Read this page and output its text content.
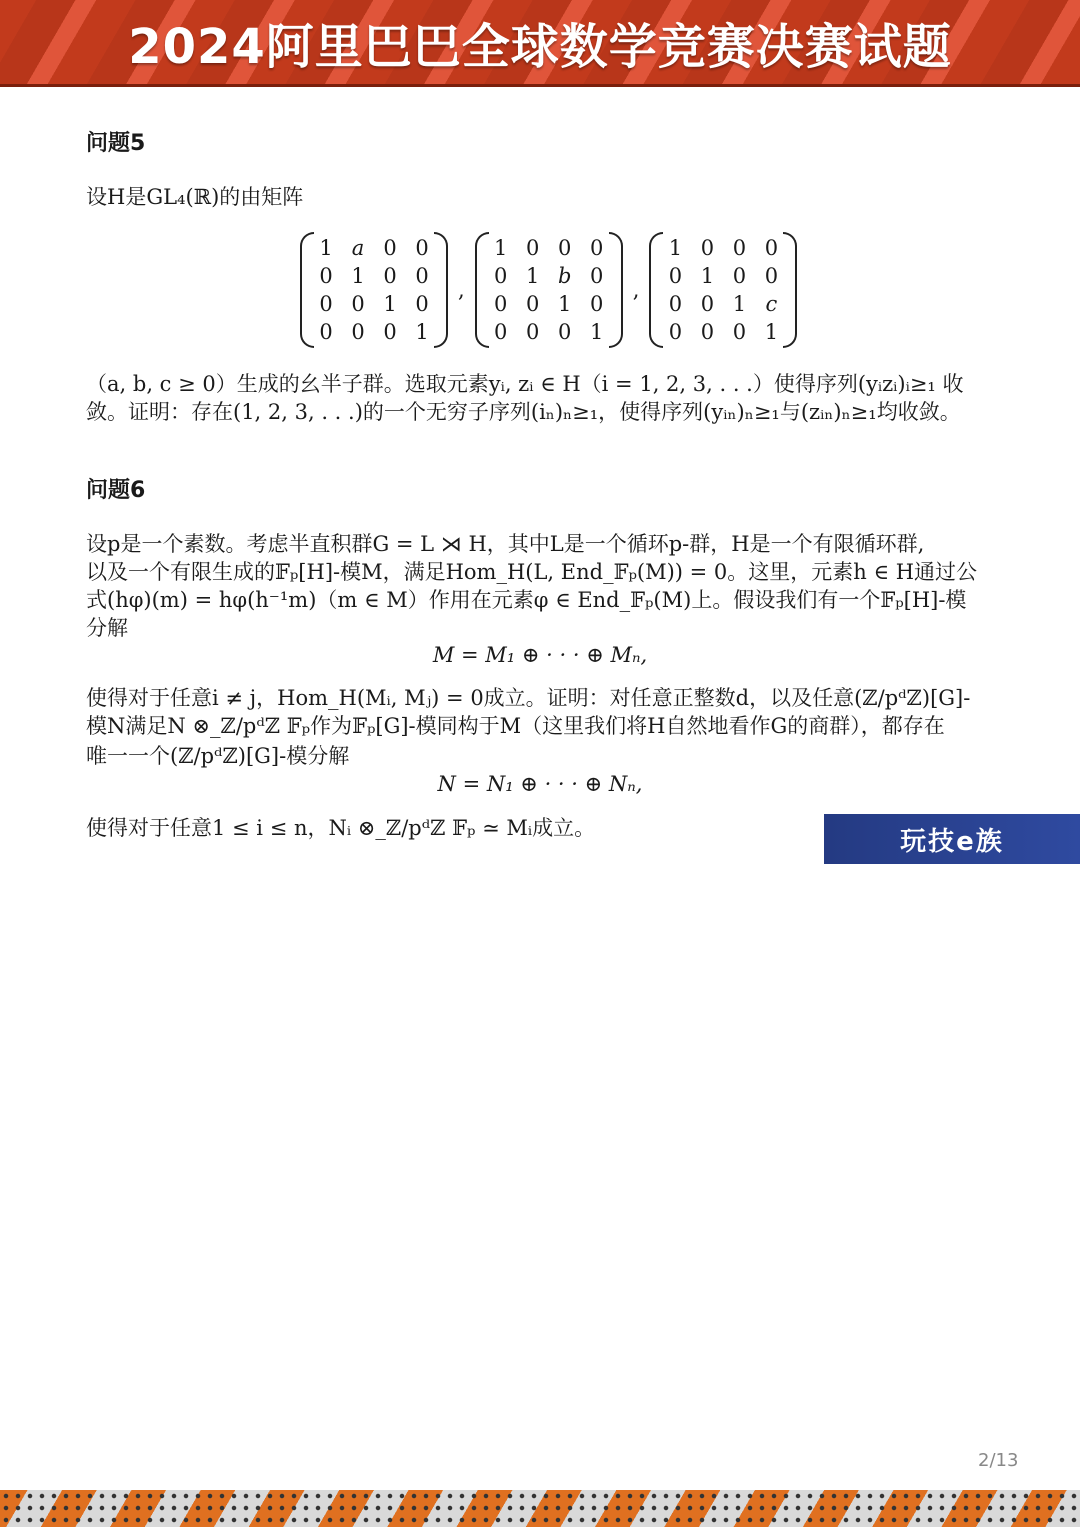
2024阿里巴巴全球数学竞赛决赛试题
问题5
设H是GL₄(ℝ)的由矩阵
1 a 0 0
0 1 0 0
0 0 1 0
0 0 0 1
,
1 0 0 0
0 1 b 0
0 0 1 0
0 0 0 1
,
1 0 0 0
0 1 0 0
0 0 1 c
0 0 0 1
（a, b, c ≥ 0）生成的幺半子群。选取元素yᵢ, zᵢ ∈ H（i = 1, 2, 3, . . .）使得序列(yᵢzᵢ)ᵢ≥₁ 收
敛。证明：存在(1, 2, 3, . . .)的一个无穷子序列(iₙ)ₙ≥₁，使得序列(yᵢₙ)ₙ≥₁与(zᵢₙ)ₙ≥₁均收敛。
问题6
设p是一个素数。考虑半直积群G = L ⋊ H，其中L是一个循环p-群，H是一个有限循环群,
以及一个有限生成的𝔽ₚ[H]-模M，满足Hom_H(L, End_𝔽ₚ(M)) = 0。这里，元素h ∈ H通过公
式(hφ)(m) = hφ(h⁻¹m)（m ∈ M）作用在元素φ ∈ End_𝔽ₚ(M)上。假设我们有一个𝔽ₚ[H]-模
分解
M = M₁ ⊕ · · · ⊕ Mₙ,
使得对于任意i ≠ j，Hom_H(Mᵢ, Mⱼ) = 0成立。证明：对任意正整数d，以及任意(ℤ/pᵈℤ)[G]-
模N满足N ⊗_ℤ/pᵈℤ 𝔽ₚ作为𝔽ₚ[G]-模同构于M（这里我们将H自然地看作G的商群），都存在
唯一一个(ℤ/pᵈℤ)[G]-模分解
N = N₁ ⊕ · · · ⊕ Nₙ,
使得对于任意1 ≤ i ≤ n，Nᵢ ⊗_ℤ/pᵈℤ 𝔽ₚ ≃ Mᵢ成立。	玩技e族
2/13
